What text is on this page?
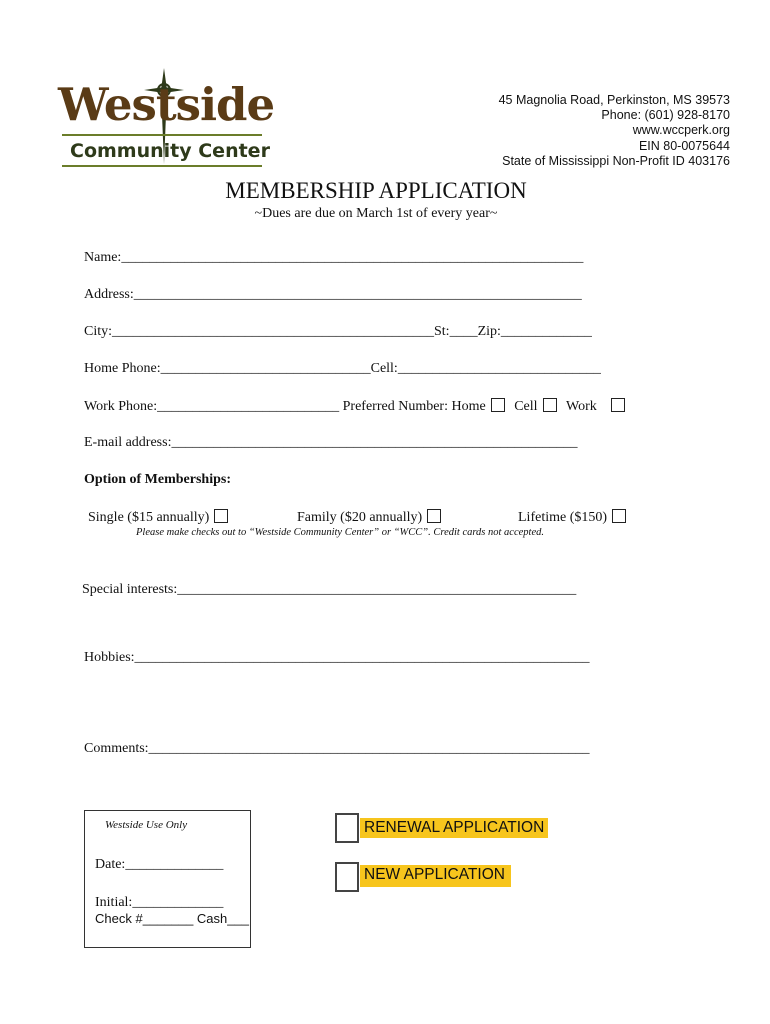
Westside
Community Center
45 Magnolia Road, Perkinston, MS 39573
Phone: (601) 928-8170
www.wccperk.org
EIN 80-0075644
State of Mississippi Non-Profit ID 403176
MEMBERSHIP APPLICATION
~Dues are due on March 1st of every year~
Name:__________________________________________________________________
Address:________________________________________________________________
City:______________________________________________St:____Zip:_____________
Home Phone:______________________________Cell:_____________________________
Work Phone:__________________________ Preferred Number: Home Cell Work
E-mail address:__________________________________________________________
Option of Memberships:
Single ($15 annually)	Family ($20 annually)	Lifetime ($150)
Please make checks out to “Westside Community Center” or “WCC”. Credit cards not accepted.
Special interests:_________________________________________________________
Hobbies:_________________________________________________________________
Comments:_______________________________________________________________
Westside Use Only
Date:______________
Initial:_____________
Check #_______ Cash___
RENEWAL APPLICATION
NEW APPLICATION
